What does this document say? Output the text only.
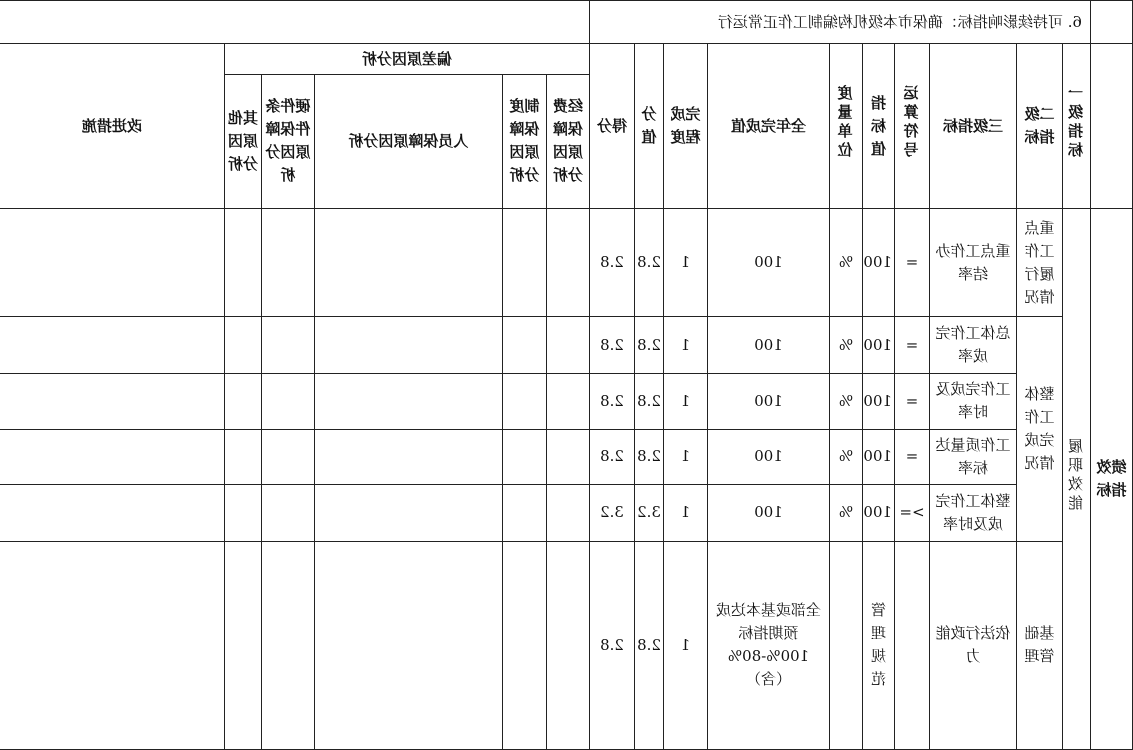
	6. 可持续影响指标：确保市本级机构编制工作正常运行															
	一级指标	二级指标	三级指标	运算符号	指标值	度量单位	全年完成值	完成程度	分值	得分	偏差原因分析					改进措施
											经费保障原因分析	制度保障原因分析	人员保障原因分析	硬件条件保障原因分析	其他原因分析	
绩效指标	履职效能	重点工作履行情况	重点工作办结率	=	100	%	100	1	2.8	2.8						
		整体工作完成情况	总体工作完成率	=	100	%	100	1	2.8	2.8						
			工作完成及时率	=	100	%	100	1	2.8	2.8						
			工作质量达标率	=	100	%	100	1	2.8	2.8						
			整体工作完成及时率	>=	100	%	100	1	3.2	3.2						
		基础管理	依法行政能力		管理规范		全部或基本达成预期指标100%-80%（含）	1	2.8	2.8						
